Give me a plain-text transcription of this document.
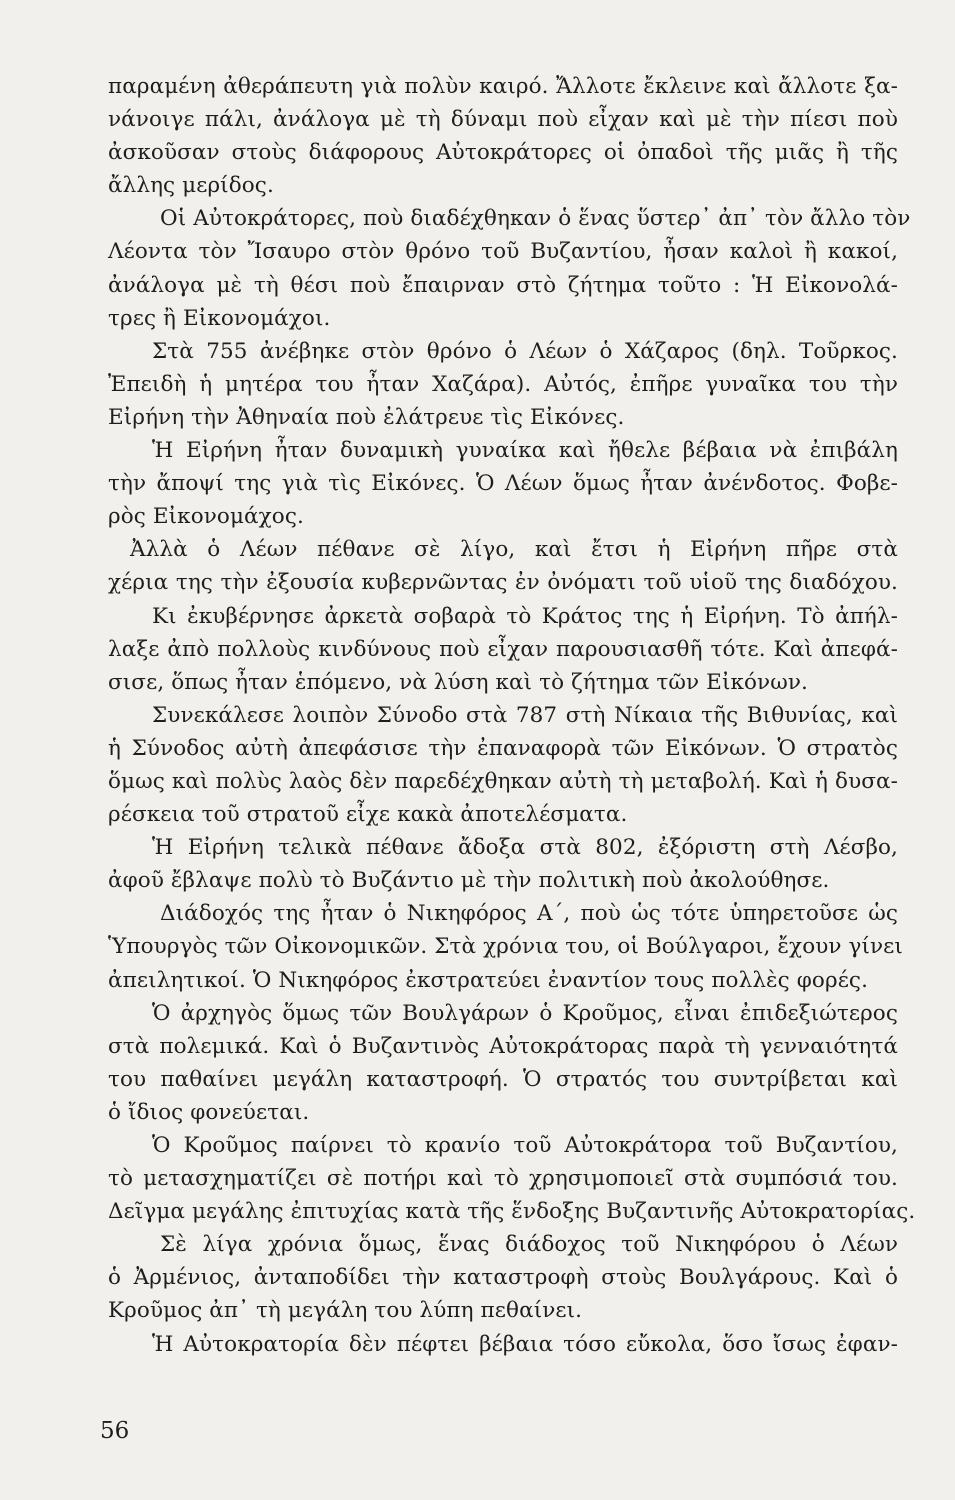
παραμένη ἀθεράπευτη γιὰ πολὺν καιρό. Ἄλλοτε ἔκλεινε καὶ ἄλλοτε ξα-
νάνοιγε πάλι, ἀνάλογα μὲ τὴ δύναμι ποὺ εἶχαν καὶ μὲ τὴν πίεσι ποὺ
ἀσκοῦσαν στοὺς διάφορους Αὐτοκράτορες οἱ ὀπαδοὶ τῆς μιᾶς ἢ τῆς
ἄλλης μερίδος.
Οἱ Αὐτοκράτορες, ποὺ διαδέχθηκαν ὁ ἕνας ὕστερ᾽ ἀπ᾽ τὸν ἄλλο τὸν
Λέοντα τὸν Ἴσαυρο στὸν θρόνο τοῦ Βυζαντίου, ἦσαν καλοὶ ἢ κακοί,
ἀνάλογα μὲ τὴ θέσι ποὺ ἔπαιρναν στὸ ζήτημα τοῦτο : Ἡ Εἰκονολά-
τρες ἢ Εἰκονομάχοι.
Στὰ 755 ἀνέβηκε στὸν θρόνο ὁ Λέων ὁ Χάζαρος (δηλ. Τοῦρκος.
Ἐπειδὴ ἡ μητέρα του ἦταν Χαζάρα). Αὐτός, ἐπῆρε γυναῖκα του τὴν
Εἰρήνη τὴν Ἀθηναία ποὺ ἐλάτρευε τὶς Εἰκόνες.
Ἡ Εἰρήνη ἦταν δυναμικὴ γυναίκα καὶ ἤθελε βέβαια νὰ ἐπιβάλη
τὴν ἄποψί της γιὰ τὶς Εἰκόνες. Ὁ Λέων ὅμως ἦταν ἀνένδοτος. Φοβε-
ρὸς Εἰκονομάχος.
Ἀλλὰ ὁ Λέων πέθανε σὲ λίγο, καὶ ἔτσι ἡ Εἰρήνη πῆρε στὰ
χέρια της τὴν ἐξουσία κυβερνῶντας ἐν ὀνόματι τοῦ υἱοῦ της διαδόχου.
Κι ἐκυβέρνησε ἀρκετὰ σοβαρὰ τὸ Κράτος της ἡ Εἰρήνη. Τὸ ἀπήλ-
λαξε ἀπὸ πολλοὺς κινδύνους ποὺ εἶχαν παρουσιασθῆ τότε. Καὶ ἀπεφά-
σισε, ὅπως ἦταν ἑπόμενο, νὰ λύση καὶ τὸ ζήτημα τῶν Εἰκόνων.
Συνεκάλεσε λοιπὸν Σύνοδο στὰ 787 στὴ Νίκαια τῆς Βιθυνίας, καὶ
ἡ Σύνοδος αὐτὴ ἀπεφάσισε τὴν ἐπαναφορὰ τῶν Εἰκόνων. Ὁ στρατὸς
ὅμως καὶ πολὺς λαὸς δὲν παρεδέχθηκαν αὐτὴ τὴ μεταβολή. Καὶ ἡ δυσα-
ρέσκεια τοῦ στρατοῦ εἶχε κακὰ ἀποτελέσματα.
Ἡ Εἰρήνη τελικὰ πέθανε ἄδοξα στὰ 802, ἐξόριστη στὴ Λέσβο,
ἀφοῦ ἔβλαψε πολὺ τὸ Βυζάντιο μὲ τὴν πολιτικὴ ποὺ ἀκολούθησε.
Διάδοχός της ἦταν ὁ Νικηφόρος Α΄, ποὺ ὡς τότε ὑπηρετοῦσε ὡς
Ὑπουργὸς τῶν Οἰκονομικῶν. Στὰ χρόνια του, οἱ Βούλγαροι, ἔχουν γίνει
ἀπειλητικοί. Ὁ Νικηφόρος ἐκστρατεύει ἐναντίον τους πολλὲς φορές.
Ὁ ἀρχηγὸς ὅμως τῶν Βουλγάρων ὁ Κροῦμος, εἶναι ἐπιδεξιώτερος
στὰ πολεμικά. Καὶ ὁ Βυζαντινὸς Αὐτοκράτορας παρὰ τὴ γενναιότητά
του παθαίνει μεγάλη καταστροφή. Ὁ στρατός του συντρίβεται καὶ
ὁ ἴδιος φονεύεται.
Ὁ Κροῦμος παίρνει τὸ κρανίο τοῦ Αὐτοκράτορα τοῦ Βυζαντίου,
τὸ μετασχηματίζει σὲ ποτήρι καὶ τὸ χρησιμοποιεῖ στὰ συμπόσιά του.
Δεῖγμα μεγάλης ἐπιτυχίας κατὰ τῆς ἕνδοξης Βυζαντινῆς Αὐτοκρατορίας.
Σὲ λίγα χρόνια ὅμως, ἕνας διάδοχος τοῦ Νικηφόρου ὁ Λέων
ὁ Ἀρμένιος, ἀνταποδίδει τὴν καταστροφὴ στοὺς Βουλγάρους. Καὶ ὁ
Κροῦμος ἀπ᾽ τὴ μεγάλη του λύπη πεθαίνει.
Ἡ Αὐτοκρατορία δὲν πέφτει βέβαια τόσο εὔκολα, ὅσο ἴσως ἐφαν-
56
